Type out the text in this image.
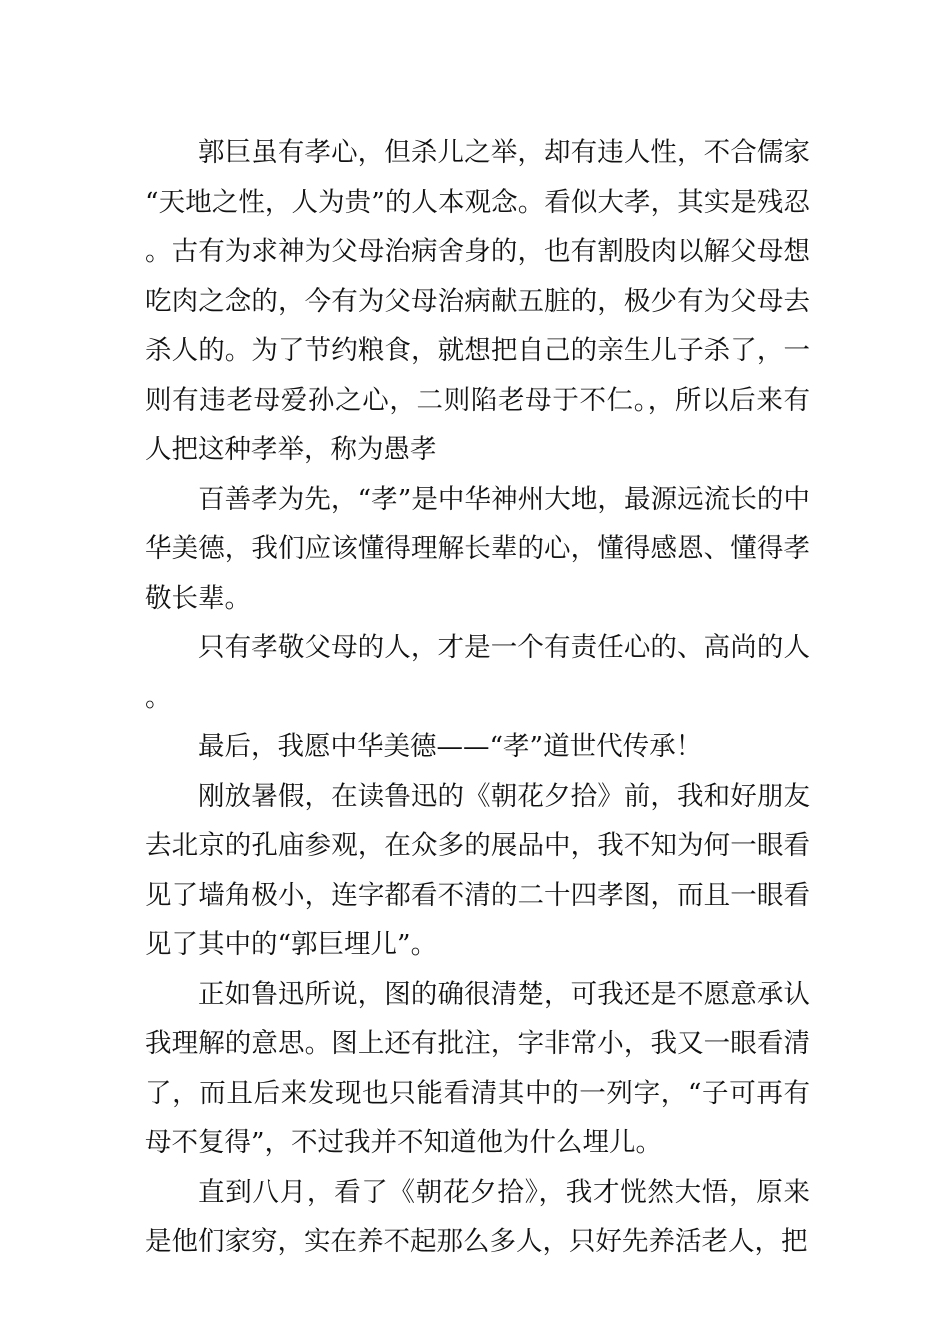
郭巨虽有孝心，但杀儿之举，却有违人性，不合儒家“天地之性，人为贵”的人本观念。看似大孝，其实是残忍。古有为求神为父母治病舍身的，也有割股肉以解父母想吃肉之念的，今有为父母治病献五脏的，极少有为父母去杀人的。为了节约粮食，就想把自己的亲生儿子杀了，一则有违老母爱孙之心，二则陷老母于不仁。，所以后来有人把这种孝举，称为愚孝

百善孝为先，“孝”是中华神州大地，最源远流长的中华美德，我们应该懂得理解长辈的心，懂得感恩、懂得孝敬长辈。

只有孝敬父母的人，才是一个有责任心的、高尚的人。

最后，我愿中华美德——“孝”道世代传承！

刚放暑假，在读鲁迅的《朝花夕拾》前，我和好朋友去北京的孔庙参观，在众多的展品中，我不知为何一眼看见了墙角极小，连字都看不清的二十四孝图，而且一眼看见了其中的“郭巨埋儿”。

正如鲁迅所说，图的确很清楚，可我还是不愿意承认我理解的意思。图上还有批注，字非常小，我又一眼看清了，而且后来发现也只能看清其中的一列字，“子可再有母不复得”，不过我并不知道他为什么埋儿。

直到八月，看了《朝花夕拾》，我才恍然大悟，原来是他们家穷，实在养不起那么多人，只好先养活老人，把
